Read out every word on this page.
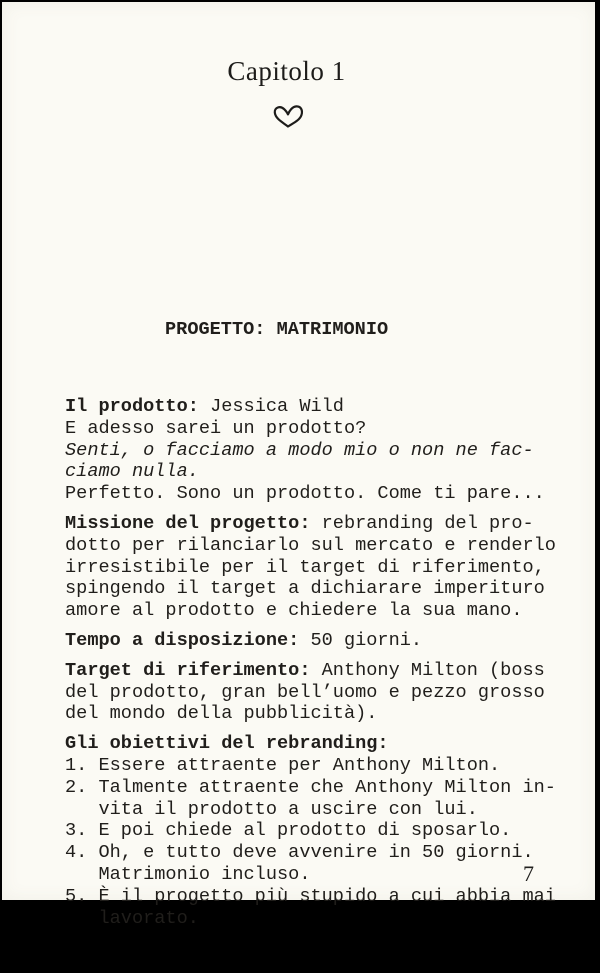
Capitolo 1

PROGETTO: MATRIMONIO

Il prodotto: Jessica Wild
E adesso sarei un prodotto?
Senti, o facciamo a modo mio o non ne fac-
ciamo nulla.
Perfetto. Sono un prodotto. Come ti pare...
Missione del progetto: rebranding del pro-
dotto per rilanciarlo sul mercato e renderlo
irresistibile per il target di riferimento,
spingendo il target a dichiarare imperituro
amore al prodotto e chiedere la sua mano.
Tempo a disposizione: 50 giorni.
Target di riferimento: Anthony Milton (boss
del prodotto, gran bell’uomo e pezzo grosso
del mondo della pubblicità).
Gli obiettivi del rebranding:
1. Essere attraente per Anthony Milton.
2. Talmente attraente che Anthony Milton in-
vita il prodotto a uscire con lui.
3. E poi chiede al prodotto di sposarlo.
4. Oh, e tutto deve avvenire in 50 giorni.
Matrimonio incluso.
5. È il progetto più stupido a cui abbia mai
lavorato.

7
